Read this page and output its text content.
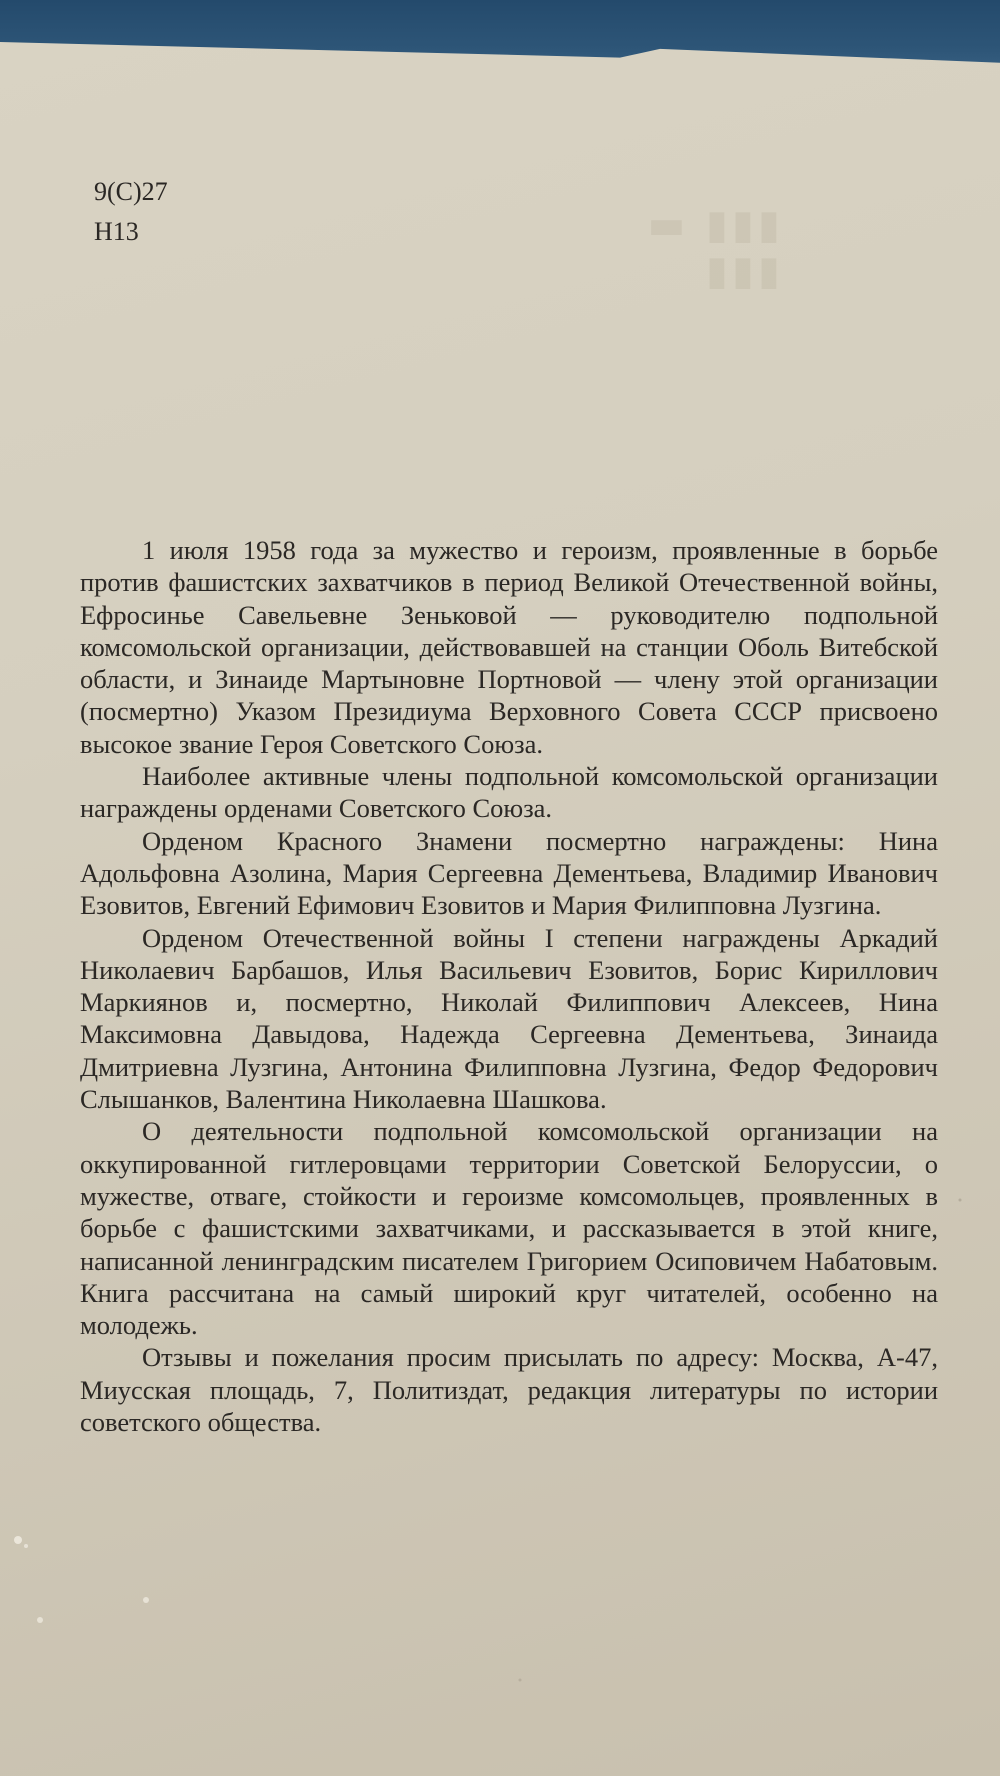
▮▮▮ ▬ ▮▮▮
9(С)27
Н13

1 июля 1958 года за мужество и героизм, проявленные в борьбе против фашистских захватчиков в период Великой Отечественной войны, Ефросинье Савельевне Зеньковой — руководителю подпольной комсомольской организации, действовавшей на станции Оболь Витебской области, и Зинаиде Мартыновне Портновой — члену этой организации (посмертно) Указом Президиума Верховного Совета СССР присвоено высокое звание Героя Советского Союза.

Наиболее активные члены подпольной комсомольской организации награждены орденами Советского Союза.

Орденом Красного Знамени посмертно награждены: Нина Адольфовна Азолина, Мария Сергеевна Дементьева, Владимир Иванович Езовитов, Евгений Ефимович Езовитов и Мария Филипповна Лузгина.

Орденом Отечественной войны I степени награждены Аркадий Николаевич Барбашов, Илья Васильевич Езовитов, Борис Кириллович Маркиянов и, посмертно, Николай Филиппович Алексеев, Нина Максимовна Давыдова, Надежда Сергеевна Дементьева, Зинаида Дмитриевна Лузгина, Антонина Филипповна Лузгина, Федор Федорович Слышанков, Валентина Николаевна Шашкова.

О деятельности подпольной комсомольской организации на оккупированной гитлеровцами территории Советской Белоруссии, о мужестве, отваге, стойкости и героизме комсомольцев, проявленных в борьбе с фашистскими захватчиками, и рассказывается в этой книге, написанной ленинградским писателем Григорием Осиповичем Набатовым. Книга рассчитана на самый широкий круг читателей, особенно на молодежь.

Отзывы и пожелания просим присылать по адресу: Москва, А-47, Миусская площадь, 7, Политиздат, редакция литературы по истории советского общества.
